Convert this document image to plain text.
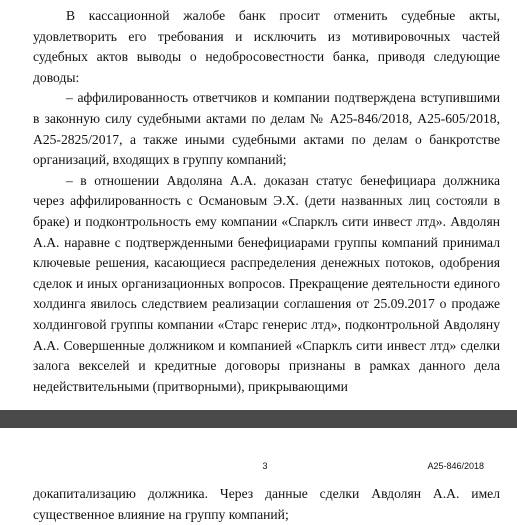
В кассационной жалобе банк просит отменить судебные акты, удовлетворить его требования и исключить из мотивировочных частей судебных актов выводы о недобросовестности банка, приводя следующие доводы:

– аффилированность ответчиков и компании подтверждена вступившими в законную силу судебными актами по делам № А25-846/2018, А25-605/2018, А25-2825/2017, а также иными судебными актами по делам о банкротстве организаций, входящих в группу компаний;

– в отношении Авдоляна А.А. доказан статус бенефициара должника через аффилированность с Османовым Э.Х. (дети названных лиц состояли в браке) и подконтрольность ему компании «Спарклъ сити инвест лтд». Авдолян А.А. наравне с подтвержденными бенефициарами группы компаний принимал ключевые решения, касающиеся распределения денежных потоков, одобрения сделок и иных организационных вопросов. Прекращение деятельности единого холдинга явилось следствием реализации соглашения от 25.09.2017 о продаже холдинговой группы компании «Старс генерис лтд», подконтрольной Авдоляну А.А. Совершенные должником и компанией «Спарклъ сити инвест лтд» сделки залога векселей и кредитные договоры признаны в рамках данного дела недействительными (притворными), прикрывающими

3	А25-846/2018

докапитализацию должника. Через данные сделки Авдолян А.А. имел существенное влияние на группу компаний;
